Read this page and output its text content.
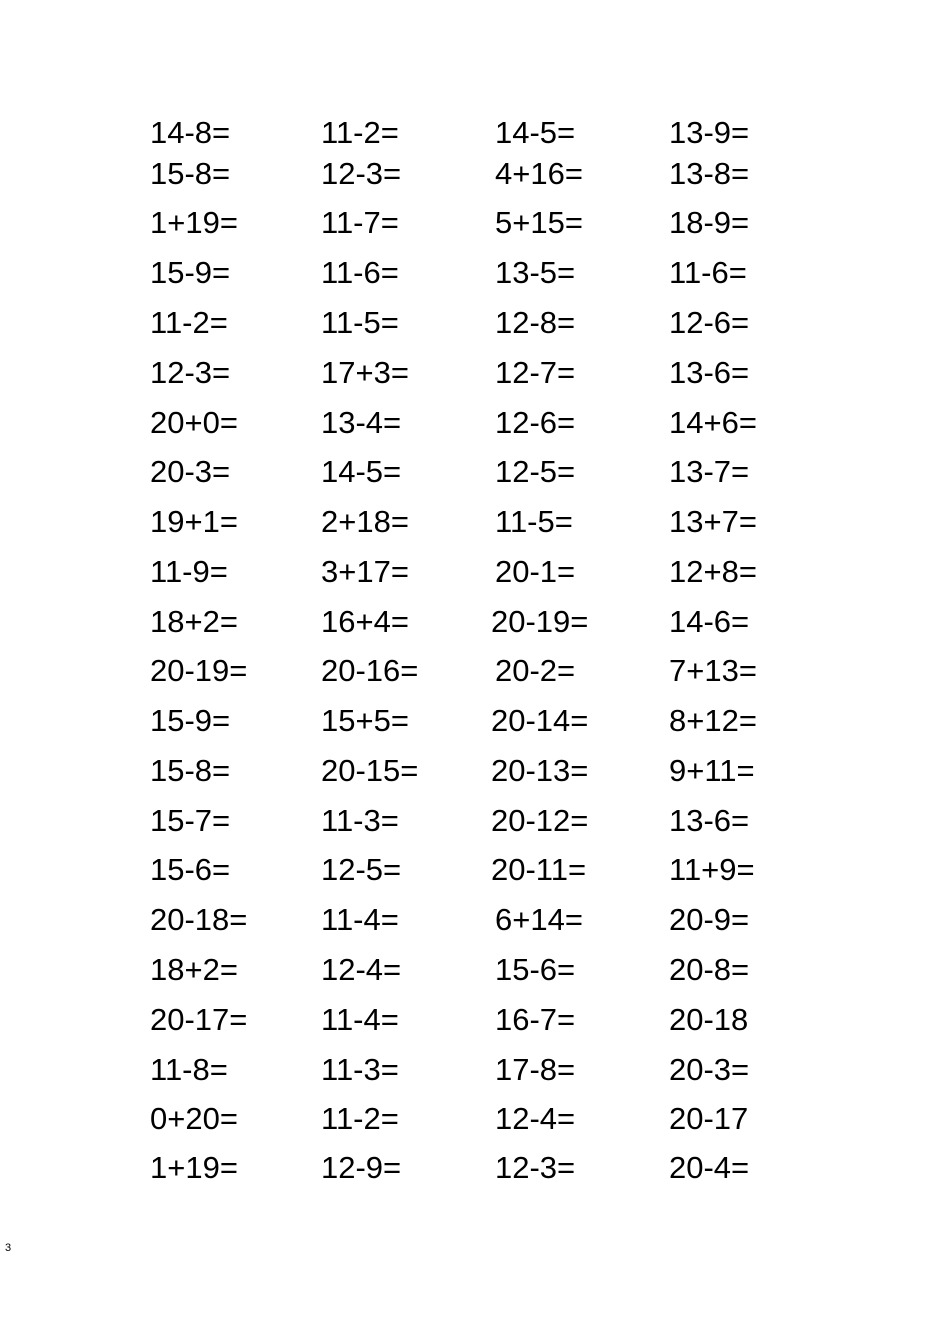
14-8=	11-2=	14-5=	13-9=
15-8=	12-3=	4+16=	13-8=
1+19=	11-7=	5+15=	18-9=
15-9=	11-6=	13-5=	11-6=
11-2=	11-5=	12-8=	12-6=
12-3=	17+3=	12-7=	13-6=
20+0=	13-4=	12-6=	14+6=
20-3=	14-5=	12-5=	13-7=
19+1=	2+18=	11-5=	13+7=
11-9=	3+17=	20-1=	12+8=
18+2=	16+4=	20-19=	14-6=
20-19= 20-16= 20-2=	7+13=
15-9=	15+5=	20-14=	8+12=
15-8=	20-15= 20-13=	9+11=
15-7=	11-3=	20-12=	13-6=
15-6=	12-5=	20-11=	11+9=
20-18= 11-4=	6+14=	20-9=
18+2=	12-4=	15-6=	20-8=
20-17= 11-4=	16-7=	20-18
11-8=	11-3=	17-8=	20-3=
0+20=	11-2=	12-4=	20-17
1+19=	12-9=	12-3=	20-4=
3
